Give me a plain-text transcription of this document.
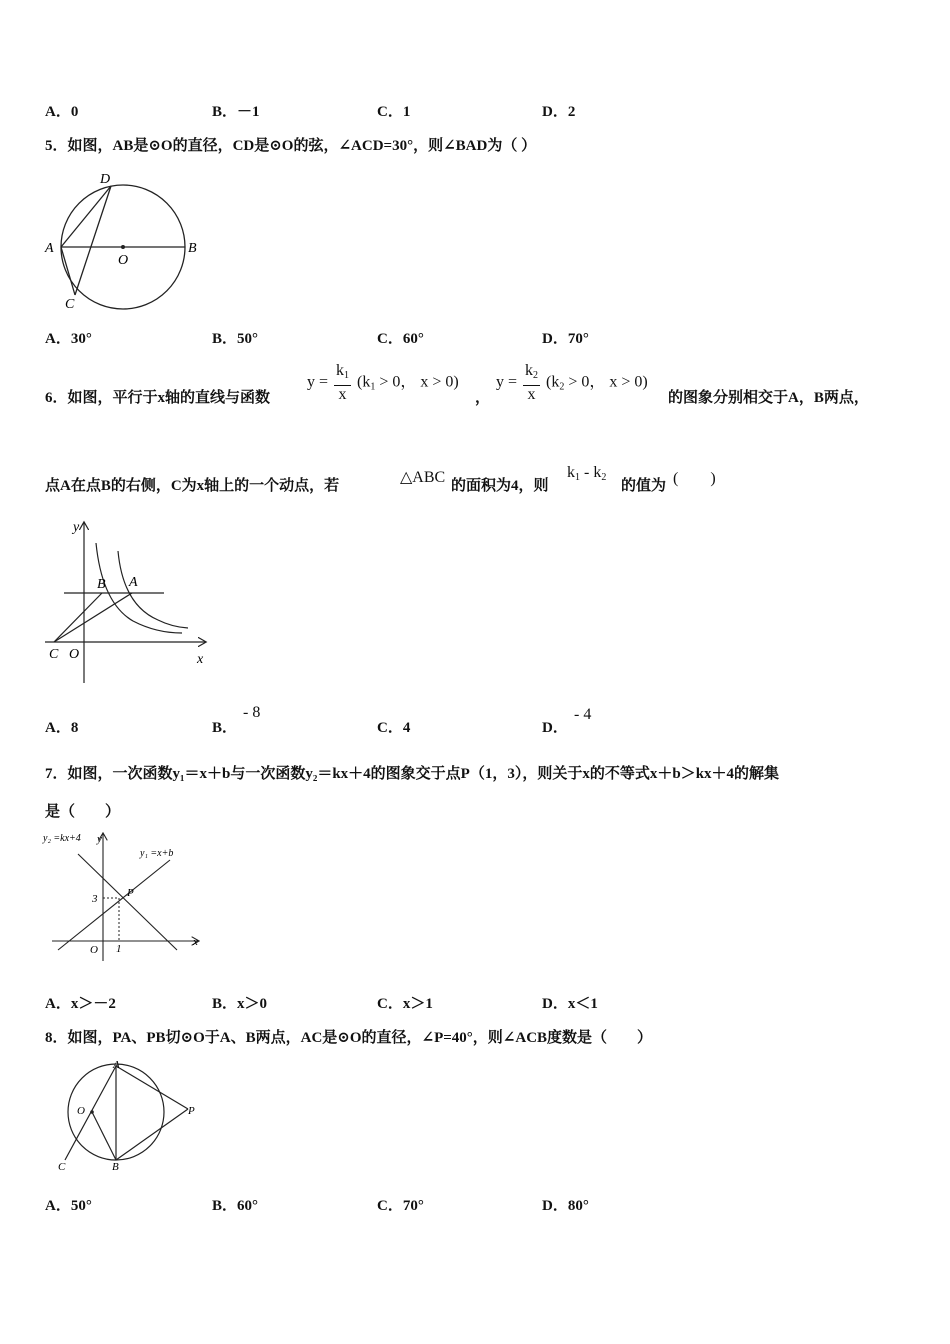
A．0	B．－1	C．1	D．2
5．如图，AB是⊙O的直径，CD是⊙O的弦，∠ACD=30°，则∠BAD为（ ）
D
A	B
O
C
A．30°	B．50°	C．60°	D．70°
6．如图，平行于x轴的直线与函数
$y = \frac{k_1}{x} (k_1 > 0$， x > 0)
，
$y = \frac{k_2}{x} (k_2 > 0$， x > 0)
的图象分别相交于A，B两点，
点A在点B的右侧，C为x轴上的一个动点，若	△ABC 的面积为4，则
$k_1 - k_2$
的值为 (　　)
y
x
B A
C O
A．8	B．
- 8
C．4	D．
- 4
7．如图，一次函数y₁＝x＋b与一次函数y₂＝kx＋4的图象交于点P（1，3），则关于x的不等式x＋b＞kx＋4的解集
是（　　）
y₂ =kx+4 y
y₁ =x+b
P
3
1
O
x
A．x＞－2	B．x＞0	C．x＞1	D．x＜1
8．如图，PA、PB切⊙O于A、B两点，AC是⊙O的直径，∠P=40°，则∠ACB度数是（　　）
A
O	P
C	B
A．50°	B．60°	C．70°	D．80°
